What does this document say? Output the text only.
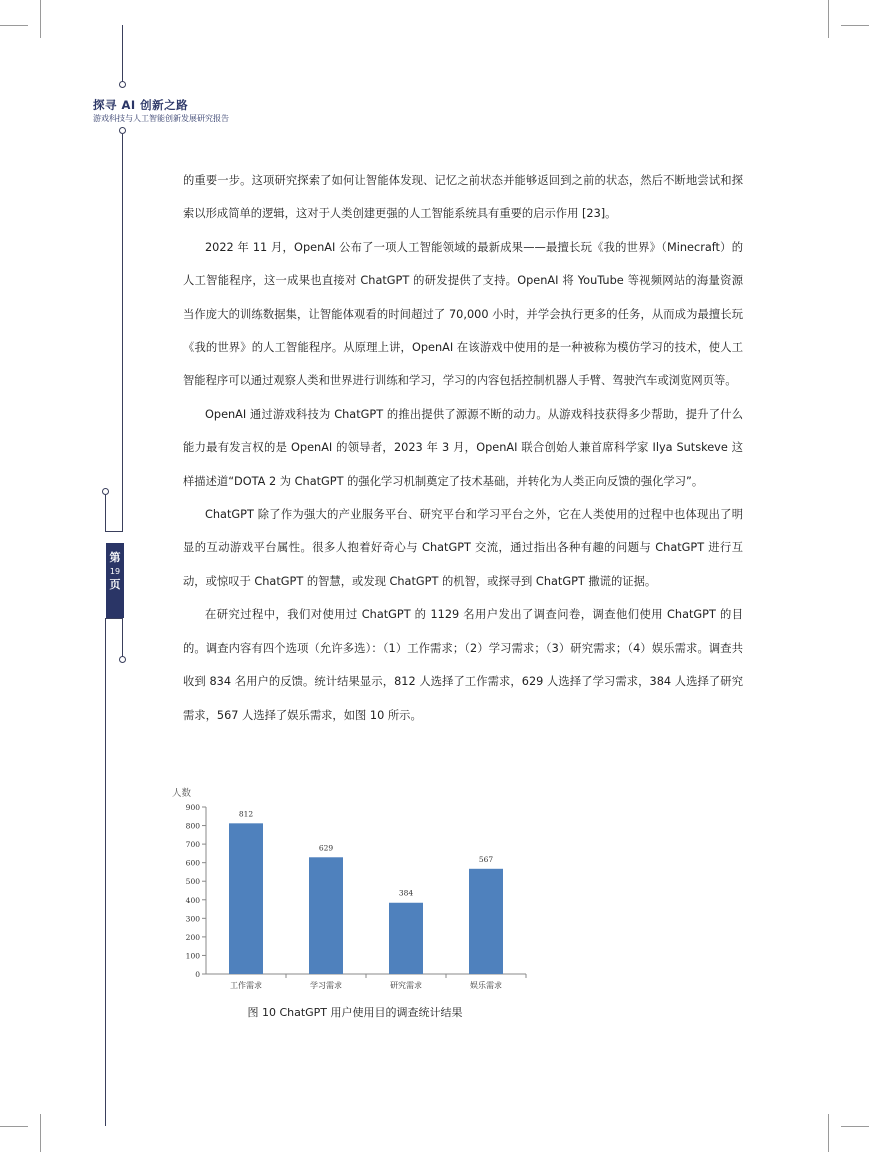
探寻 AI 创新之路

游戏科技与人工智能创新发展研究报告

第
19
页

的重要一步。这项研究探索了如何让智能体发现、记忆之前状态并能够返回到之前的状态，然后不断地尝试和探索以形成简单的逻辑，这对于人类创建更强的人工智能系统具有重要的启示作用 [23]。

2022 年 11 月，OpenAI 公布了一项人工智能领域的最新成果——最擅长玩《我的世界》（Minecraft）的人工智能程序，这一成果也直接对 ChatGPT 的研发提供了支持。OpenAI 将 YouTube 等视频网站的海量资源当作庞大的训练数据集，让智能体观看的时间超过了 70,000 小时，并学会执行更多的任务，从而成为最擅长玩《我的世界》的人工智能程序。从原理上讲，OpenAI 在该游戏中使用的是一种被称为模仿学习的技术，使人工智能程序可以通过观察人类和世界进行训练和学习，学习的内容包括控制机器人手臂、驾驶汽车或浏览网页等。

OpenAI 通过游戏科技为 ChatGPT 的推出提供了源源不断的动力。从游戏科技获得多少帮助，提升了什么能力最有发言权的是 OpenAI 的领导者，2023 年 3 月，OpenAI 联合创始人兼首席科学家 Ilya Sutskeve 这样描述道“DOTA 2 为 ChatGPT 的强化学习机制奠定了技术基础，并转化为人类正向反馈的强化学习”。

ChatGPT 除了作为强大的产业服务平台、研究平台和学习平台之外，它在人类使用的过程中也体现出了明显的互动游戏平台属性。很多人抱着好奇心与 ChatGPT 交流，通过指出各种有趣的问题与 ChatGPT 进行互动，或惊叹于 ChatGPT 的智慧，或发现 ChatGPT 的机智，或探寻到 ChatGPT 撒谎的证据。

在研究过程中，我们对使用过 ChatGPT 的 1129 名用户发出了调查问卷，调查他们使用 ChatGPT 的目的。调查内容有四个选项（允许多选）：（1）工作需求；（2）学习需求；（3）研究需求；（4）娱乐需求。调查共收到 834 名用户的反馈。统计结果显示，812 人选择了工作需求，629 人选择了学习需求，384 人选择了研究需求，567 人选择了娱乐需求，如图 10 所示。

人数
0
100
200
300
400
500
600
700
800
900
812
工作需求
629
学习需求
384
研究需求
567
娱乐需求

图 10 ChatGPT 用户使用目的调查统计结果
